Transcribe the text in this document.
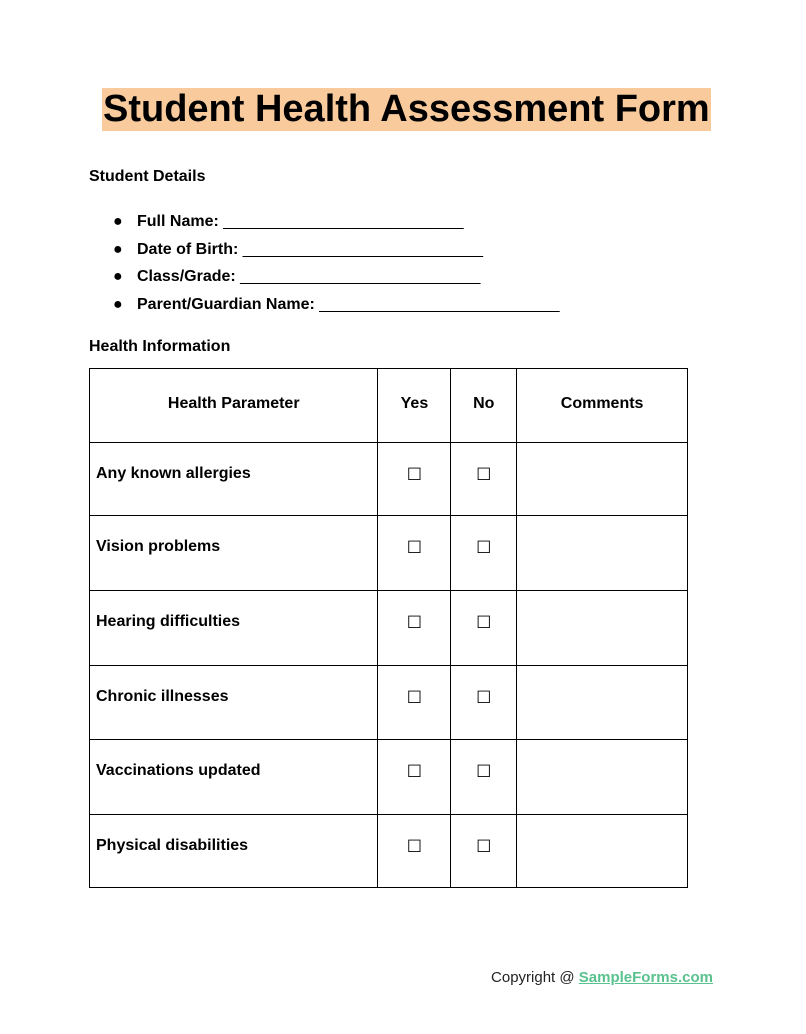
Student Health Assessment Form
Student Details
● Full Name: ___________________________
● Date of Birth: ___________________________
● Class/Grade: ___________________________
● Parent/Guardian Name: ___________________________
Health Information
Health Parameter	Yes	No	Comments
Any known allergies	☐	☐	
Vision problems	☐	☐	
Hearing difficulties	☐	☐	
Chronic illnesses	☐	☐	
Vaccinations updated	☐	☐	
Physical disabilities	☐	☐	
Copyright @ SampleForms.com
